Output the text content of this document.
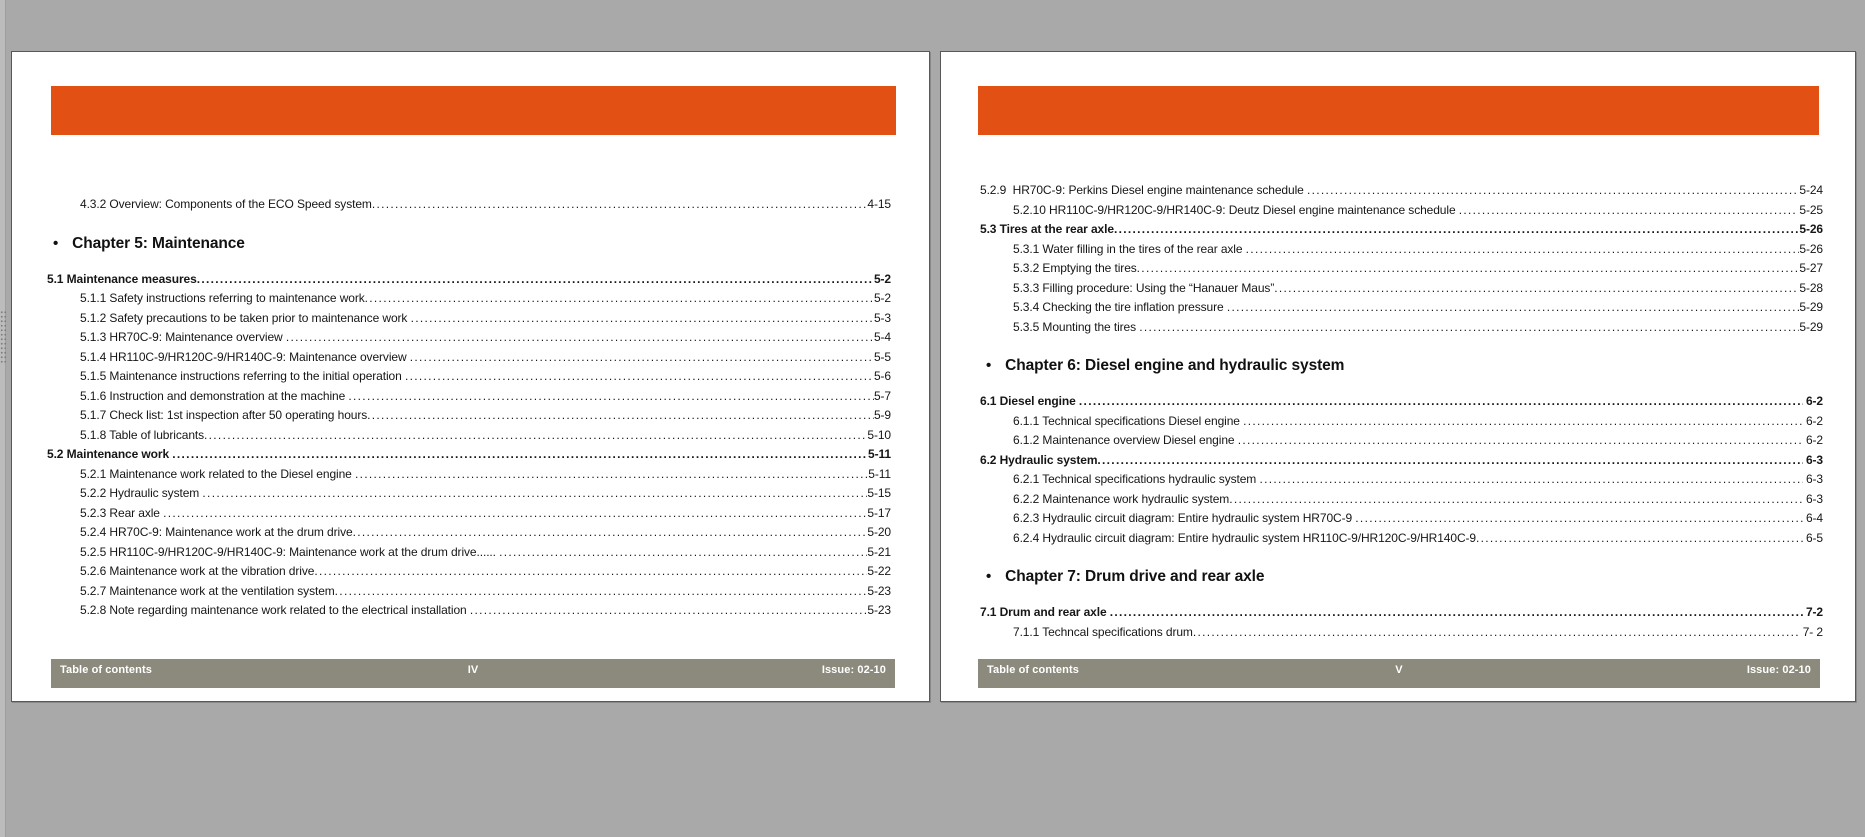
4.3.2 Overview: Components of the ECO Speed system .....	4-15
• Chapter 5: Maintenance
5.1 Maintenance measures .....	5-2
5.1.1 Safety instructions referring to maintenance work .....	5-2
5.1.2 Safety precautions to be taken prior to maintenance work .....	5-3
5.1.3 HR70C-9: Maintenance overview .....	5-4
5.1.4 HR110C-9/HR120C-9/HR140C-9: Maintenance overview .....	5-5
5.1.5 Maintenance instructions referring to the initial operation .....	5-6
5.1.6 Instruction and demonstration at the machine .....	5-7
5.1.7 Check list: 1st inspection after 50 operating hours .....	5-9
5.1.8 Table of lubricants .....	5-10
5.2 Maintenance work .....	5-11
5.2.1 Maintenance work related to the Diesel engine .....	5-11
5.2.2 Hydraulic system .....	5-15
5.2.3 Rear axle .....	5-17
5.2.4 HR70C-9: Maintenance work at the drum drive .....	5-20
5.2.5 HR110C-9/HR120C-9/HR140C-9: Maintenance work at the drum drive...... .....	5-21
5.2.6 Maintenance work at the vibration drive .....	5-22
5.2.7 Maintenance work at the ventilation system .....	5-23
5.2.8 Note regarding maintenance work related to the electrical installation .....	5-23
Table of contents	IV	Issue: 02-10
5.2.9  HR70C-9: Perkins Diesel engine maintenance schedule .....	5-24
5.2.10 HR110C-9/HR120C-9/HR140C-9: Deutz Diesel engine maintenance schedule .....	5-25
5.3 Tires at the rear axle .....	5-26
5.3.1 Water filling in the tires of the rear axle .....	5-26
5.3.2 Emptying the tires .....	5-27
5.3.3 Filling procedure: Using the “Hanauer Maus” .....	5-28
5.3.4 Checking the tire inflation pressure .....	5-29
5.3.5 Mounting the tires .....	5-29
• Chapter 6: Diesel engine and hydraulic system
6.1 Diesel engine .....	6-2
6.1.1 Technical specifications Diesel engine .....	6-2
6.1.2 Maintenance overview Diesel engine .....	6-2
6.2 Hydraulic system .....	6-3
6.2.1 Technical specifications hydraulic system .....	6-3
6.2.2 Maintenance work hydraulic system .....	6-3
6.2.3 Hydraulic circuit diagram: Entire hydraulic system HR70C-9 .....	6-4
6.2.4 Hydraulic circuit diagram: Entire hydraulic system HR110C-9/HR120C-9/HR140C-9 .....	6-5
• Chapter 7: Drum drive and rear axle
7.1 Drum and rear axle .....	7-2
7.1.1 Techncal specifications drum .....	7- 2
Table of contents	V	Issue: 02-10
